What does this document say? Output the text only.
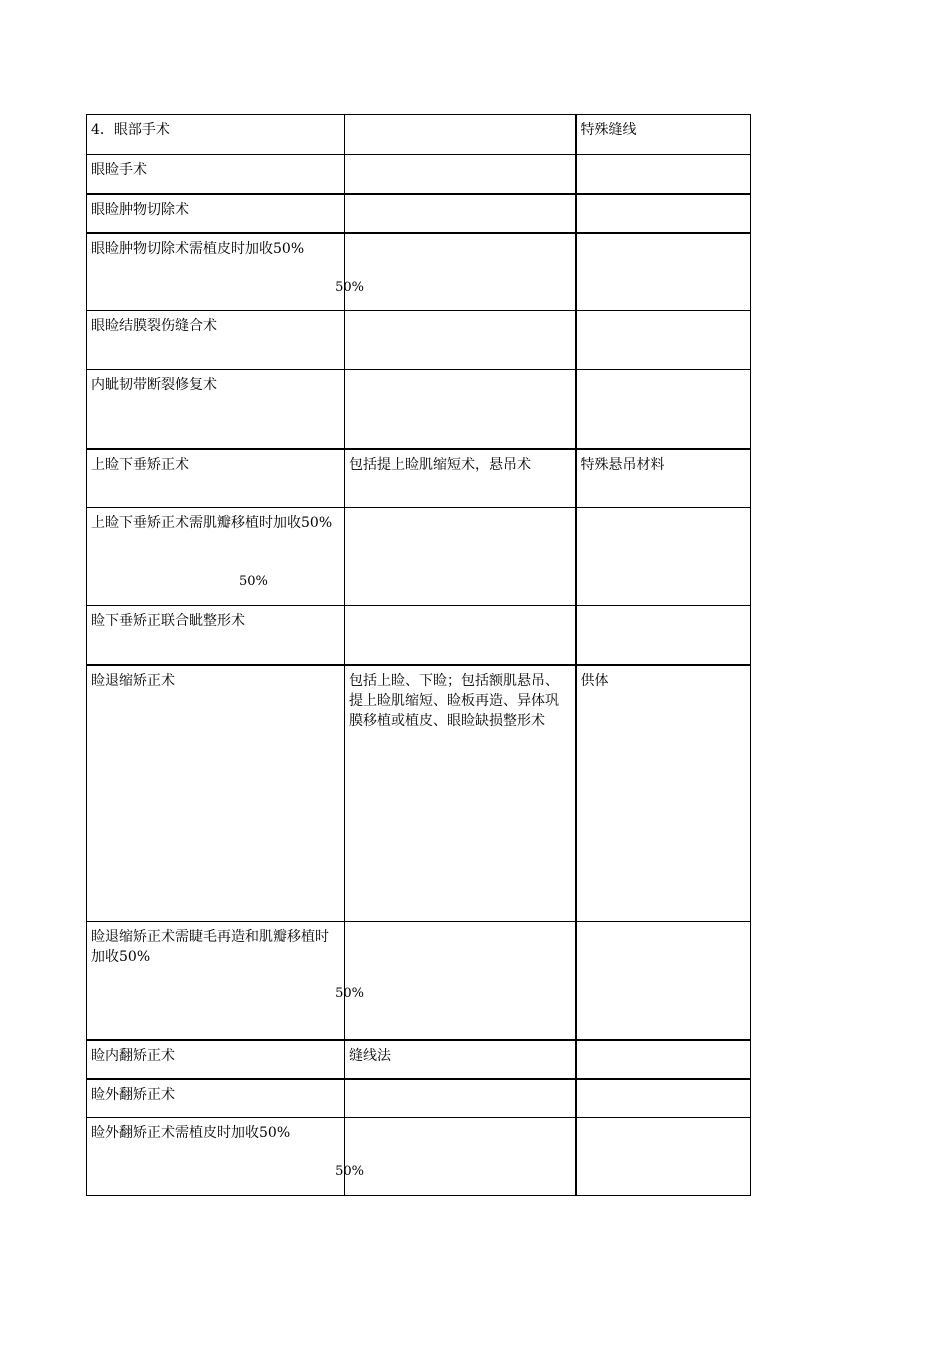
4．眼部手术		特殊缝线

眼睑手术		

眼睑肿物切除术		

眼睑肿物切除术需植皮时加收50%
50%		

眼睑结膜裂伤缝合术		

内眦韧带断裂修复术		

上睑下垂矫正术	包括提上睑肌缩短术，悬吊术	特殊悬吊材料

上睑下垂矫正术需肌瓣移植时加收50%
50%		

睑下垂矫正联合眦整形术		

睑退缩矫正术	包括上睑、下睑；包括额肌悬吊、提上睑肌缩短、睑板再造、异体巩膜移植或植皮、眼睑缺损整形术	供体

睑退缩矫正术需睫毛再造和肌瓣移植时加收50%
50%		

睑内翻矫正术	缝线法	

睑外翻矫正术		

睑外翻矫正术需植皮时加收50%
50%		
